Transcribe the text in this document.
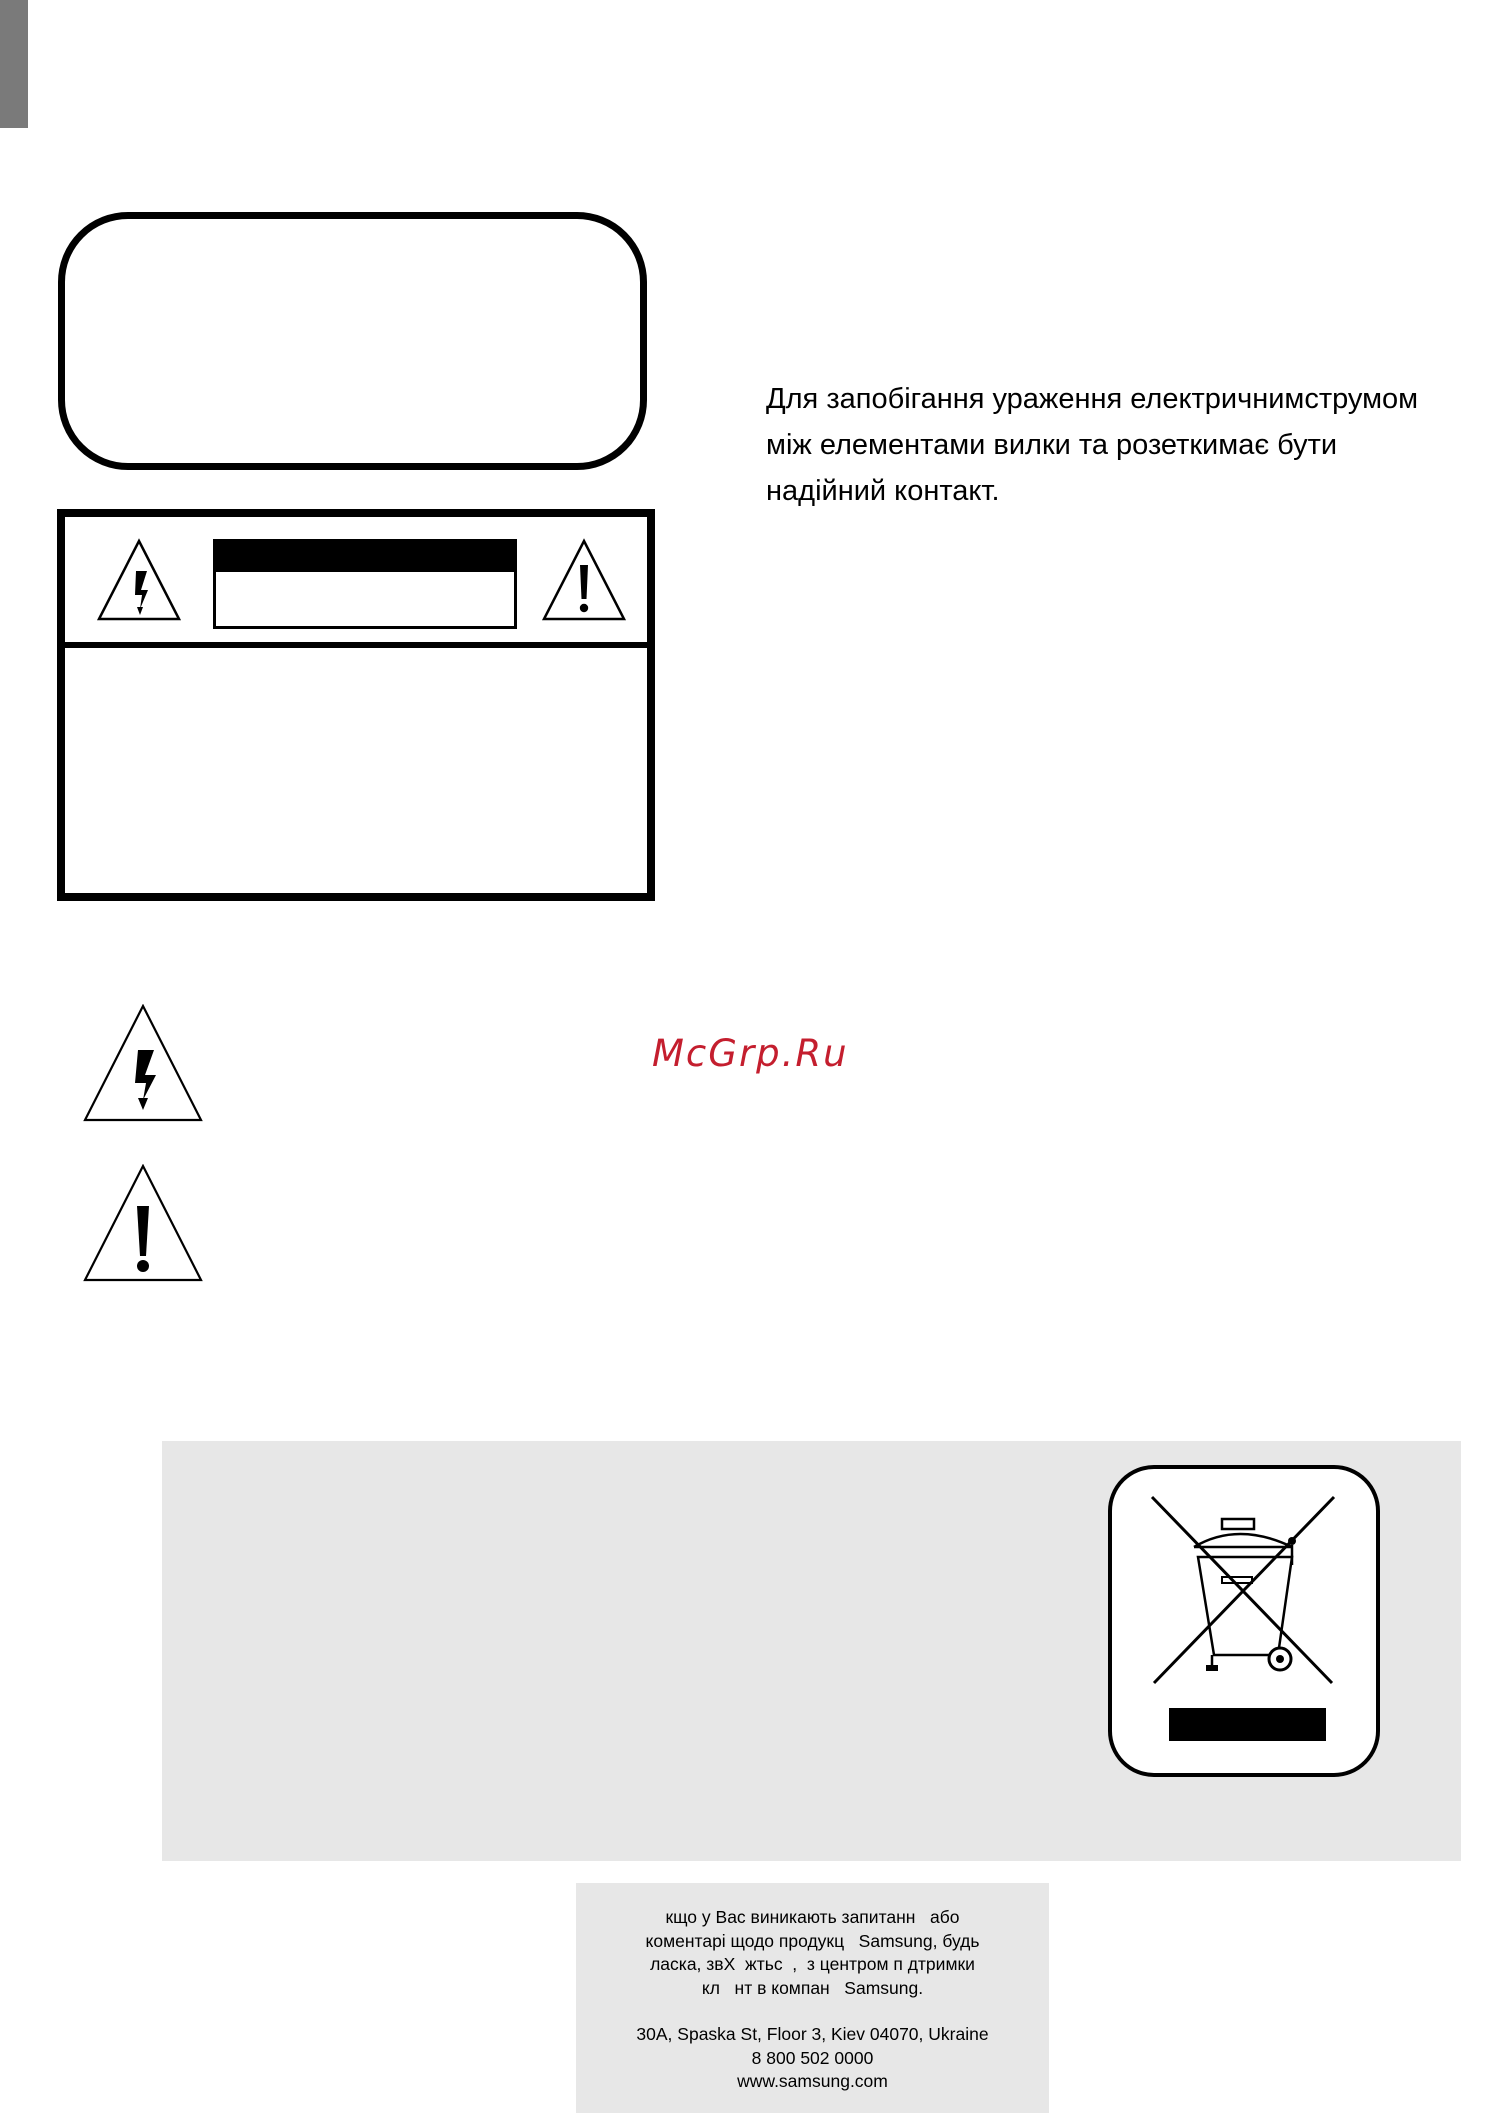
Для запобігання ураження електричнимструмом
між елементами вилки та розеткимає бути
надійний контакт.
McGrp.Ru
кщо у Вас виникають запитанн   або
коментарі щодо продукц   Samsung, будь
ласка, звХ  жтьс  ,  з центром п дтримки
кл   нт в компан   Samsung.
30A, Spaska St, Floor 3, Kiev 04070, Ukraine
8 800 502 0000
www.samsung.com
